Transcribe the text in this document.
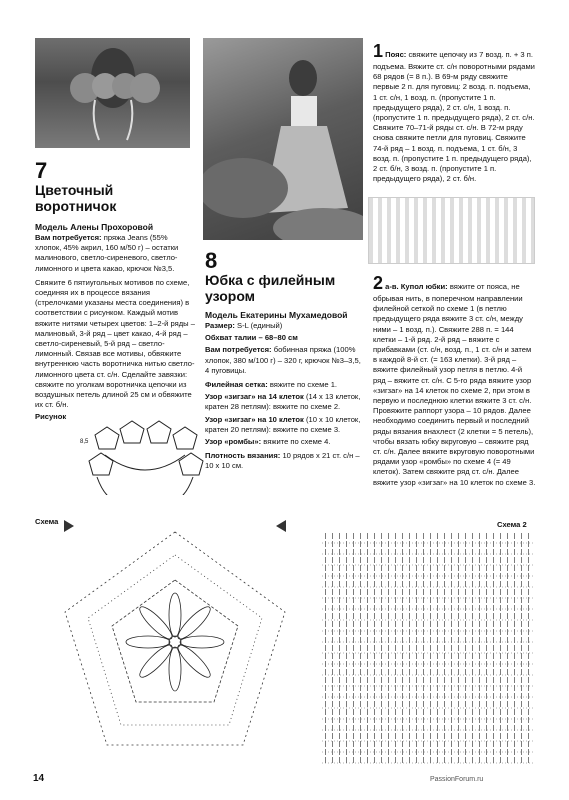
7
Цветочный воротничок
Модель Алены Прохоровой

Вам потребуется: пряжа Jeans (55% хлопок, 45% акрил, 160 м/50 г) – остатки малинового, светло-сиреневого, светло-лимонного и цвета какао, крючок №3,5.

Свяжите 6 пятиугольных мотивов по схеме, соединяя их в процессе вязания (стрелочками указаны места соединения) в соответствии с рисунком. Каждый мотив вяжите нитями четырех цветов: 1–2-й ряды – малиновый, 3-й ряд – цвет какао, 4-й ряд – светло-сиреневый, 5-й ряд – светло-лимонный. Связав все мотивы, обвяжите внутреннюю часть воротничка нитью светло-лимонного цвета ст. с/н. Сделайте завязки: свяжите по уголкам воротничка цепочки из воздушных петель длиной 25 см и обвяжите их ст. б/н.

Рисунок
8,5
8
Юбка с филейным узором
Модель Екатерины Мухамедовой

Размер: S-L (единый)

Обхват талии – 68–80 см

Вам потребуется: бобинная пряжа (100% хлопок, 380 м/100 г) – 320 г, крючок №3–3,5, 4 пуговицы.

Филейная сетка: вяжите по схеме 1.

Узор «зигзаг» на 14 клеток (14 x 13 клеток, кратен 28 петлям): вяжите по схеме 2.

Узор «зигзаг» на 10 клеток (10 x 10 клеток, кратен 20 петлям): вяжите по схеме 3.

Узор «ромбы»: вяжите по схеме 4.

Плотность вязания: 10 рядов x 21 ст. с/н – 10 x 10 см.

1 Пояс: свяжите цепочку из 7 возд. п. + 3 п. подъема. Вяжите ст. с/н поворотными рядами 68 рядов (= 8 п.). В 69-м ряду свяжите первые 2 п. для пуговиц: 2 возд. п. подъема, 1 ст. с/н, 1 возд. п. (пропустите 1 п. предыдущего ряда), 2 ст. с/н, 1 возд. п. (пропустите 1 п. предыдущего ряда), 2 ст. с/н. Свяжите 70–71-й ряды ст. с/н. В 72-м ряду снова свяжите петли для пуговиц. Свяжите 74-й ряд – 1 возд. п. подъема, 1 ст. б/н, 3 возд. п. (пропустите 1 п. предыдущего ряда), 2 ст. б/н, 3 возд. п. (пропустите 1 п. предыдущего ряда), 2 ст. б/н.

2 а-в. Купол юбки: вяжите от пояса, не обрывая нить, в поперечном направлении филейной сеткой по схеме 1 (в петлю предыдущего ряда вяжите 3 ст. с/н, между ними – 1 возд. п.). Свяжите 288 п. = 144 клетки – 1-й ряд. 2-й ряд – вяжите с прибавками (ст. с/н, возд. п., 1 ст. с/н и затем в каждой 8-й ст. (= 163 клетки). 3-й ряд – вяжите филейный узор петля в петлю. 4-й ряд – вяжите ст. с/н. С 5-го ряда вяжите узор «зигзаг» на 14 клеток по схеме 2, при этом в первую и последнюю клетки вяжите 3 ст. с/н. Провяжите раппорт узора – 10 рядов. Далее необходимо соединить первый и последний ряды вязания внахлест (2 клетки = 5 петель), чтобы вязать юбку вкруговую – свяжите ряд ст. с/н. Далее вяжите вкруговую поворотными рядами узор «ромбы» по схеме 4 (= 49 клеток). Затем свяжите ряд ст. с/н. Далее вяжите узор «зигзаг» на 10 клеток по схеме 3.

Схема	Схема 2
14	PassionForum.ru
